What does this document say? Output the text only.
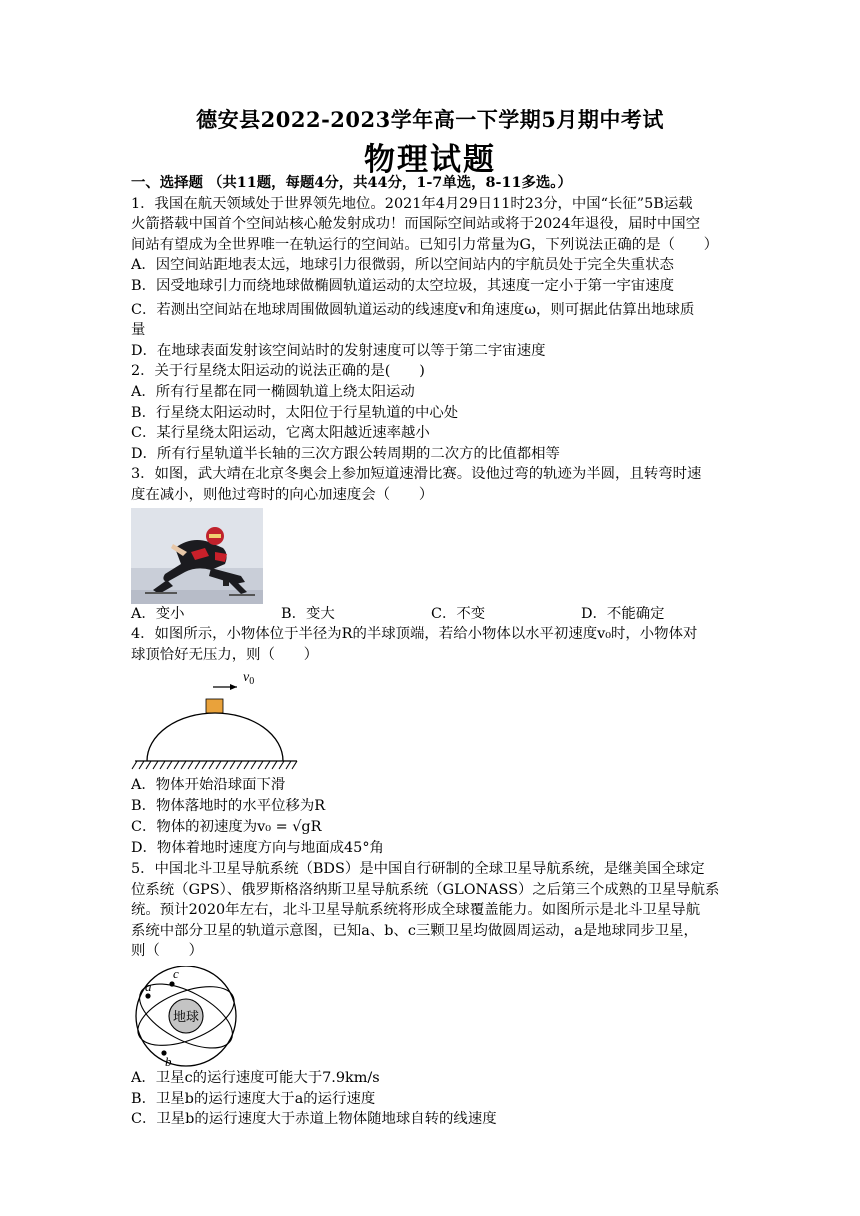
德安县2022-2023学年高一下学期5月期中考试
物理试题
一、选择题 （共11题，每题4分，共44分，1-7单选，8-11多选。）
1．我国在航天领域处于世界领先地位。2021年4月29日11时23分，中国“长征”5B运载
火箭搭载中国首个空间站核心舱发射成功！而国际空间站或将于2024年退役，届时中国空
间站有望成为全世界唯一在轨运行的空间站。已知引力常量为G，下列说法正确的是（　　）
A．因空间站距地表太远，地球引力很微弱，所以空间站内的宇航员处于完全失重状态
B．因受地球引力而绕地球做椭圆轨道运动的太空垃圾，其速度一定小于第一宇宙速度
C．若测出空间站在地球周围做圆轨道运动的线速度v和角速度ω，则可据此估算出地球质
量
D．在地球表面发射该空间站时的发射速度可以等于第二宇宙速度
2．关于行星绕太阳运动的说法正确的是(　　)
A．所有行星都在同一椭圆轨道上绕太阳运动
B．行星绕太阳运动时，太阳位于行星轨道的中心处
C．某行星绕太阳运动，它离太阳越近速率越小
D．所有行星轨道半长轴的三次方跟公转周期的二次方的比值都相等
3．如图，武大靖在北京冬奥会上参加短道速滑比赛。设他过弯的轨迹为半圆，且转弯时速
度在减小，则他过弯时的向心加速度会（　　）
A．变小	B．变大	C．不变	D．不能确定
4．如图所示，小物体位于半径为R的半球顶端，若给小物体以水平初速度v₀时，小物体对
球顶恰好无压力，则（　　）
$v_0$
A．物体开始沿球面下滑
B．物体落地时的水平位移为R
C．物体的初速度为v₀ = √gR
D．物体着地时速度方向与地面成45°角
5．中国北斗卫星导航系统（BDS）是中国自行研制的全球卫星导航系统，是继美国全球定
位系统（GPS）、俄罗斯格洛纳斯卫星导航系统（GLONASS）之后第三个成熟的卫星导航系
统。预计2020年左右，北斗卫星导航系统将形成全球覆盖能力。如图所示是北斗卫星导航
系统中部分卫星的轨道示意图，已知a、b、c三颗卫星均做圆周运动，a是地球同步卫星，
则（　　）
地球
a
c
b
A．卫星c的运行速度可能大于7.9km/s
B．卫星b的运行速度大于a的运行速度
C．卫星b的运行速度大于赤道上物体随地球自转的线速度
